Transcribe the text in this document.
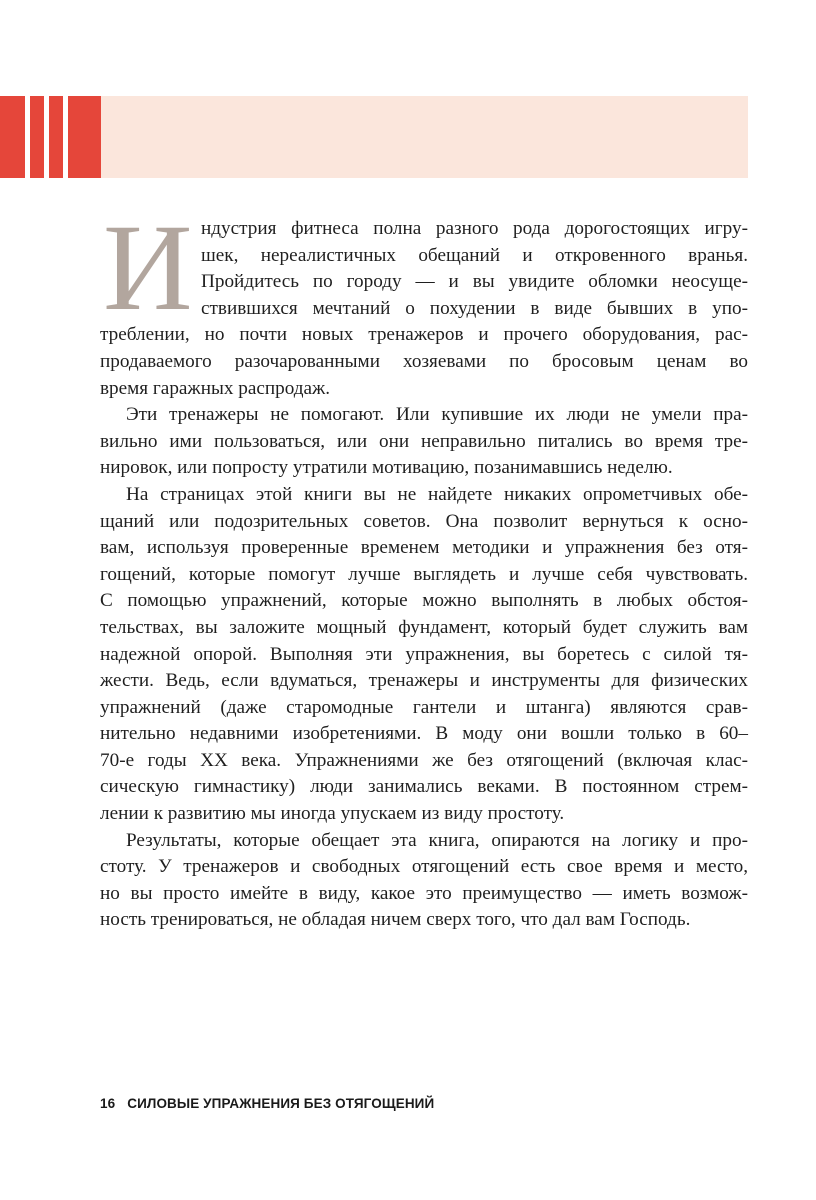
И ндустрия фитнеса полна разного рода дорогостоящих игру-
шек, нереалистичных обещаний и откровенного вранья.
Пройдитесь по городу — и вы увидите обломки неосуще-
ствившихся мечтаний о похудении в виде бывших в упо-
треблении, но почти новых тренажеров и прочего оборудования, рас-
продаваемого разочарованными хозяевами по бросовым ценам во
время гаражных распродаж.
Эти тренажеры не помогают. Или купившие их люди не умели пра-
вильно ими пользоваться, или они неправильно питались во время тре-
нировок, или попросту утратили мотивацию, позанимавшись неделю.
На страницах этой книги вы не найдете никаких опрометчивых обе-
щаний или подозрительных советов. Она позволит вернуться к осно-
вам, используя проверенные временем методики и упражнения без отя-
гощений, которые помогут лучше выглядеть и лучше себя чувствовать.
С помощью упражнений, которые можно выполнять в любых обстоя-
тельствах, вы заложите мощный фундамент, который будет служить вам
надежной опорой. Выполняя эти упражнения, вы боретесь с силой тя-
жести. Ведь, если вдуматься, тренажеры и инструменты для физических
упражнений (даже старомодные гантели и штанга) являются срав-
нительно недавними изобретениями. В моду они вошли только в 60–
70-е годы XX века. Упражнениями же без отягощений (включая клас-
сическую гимнастику) люди занимались веками. В постоянном стрем-
лении к развитию мы иногда упускаем из виду простоту.
Результаты, которые обещает эта книга, опираются на логику и про-
стоту. У тренажеров и свободных отягощений есть свое время и место,
но вы просто имейте в виду, какое это преимущество — иметь возмож-
ность тренироваться, не обладая ничем сверх того, что дал вам Господь.
16 СИЛОВЫЕ УПРАЖНЕНИЯ БЕЗ ОТЯГОЩЕНИЙ
